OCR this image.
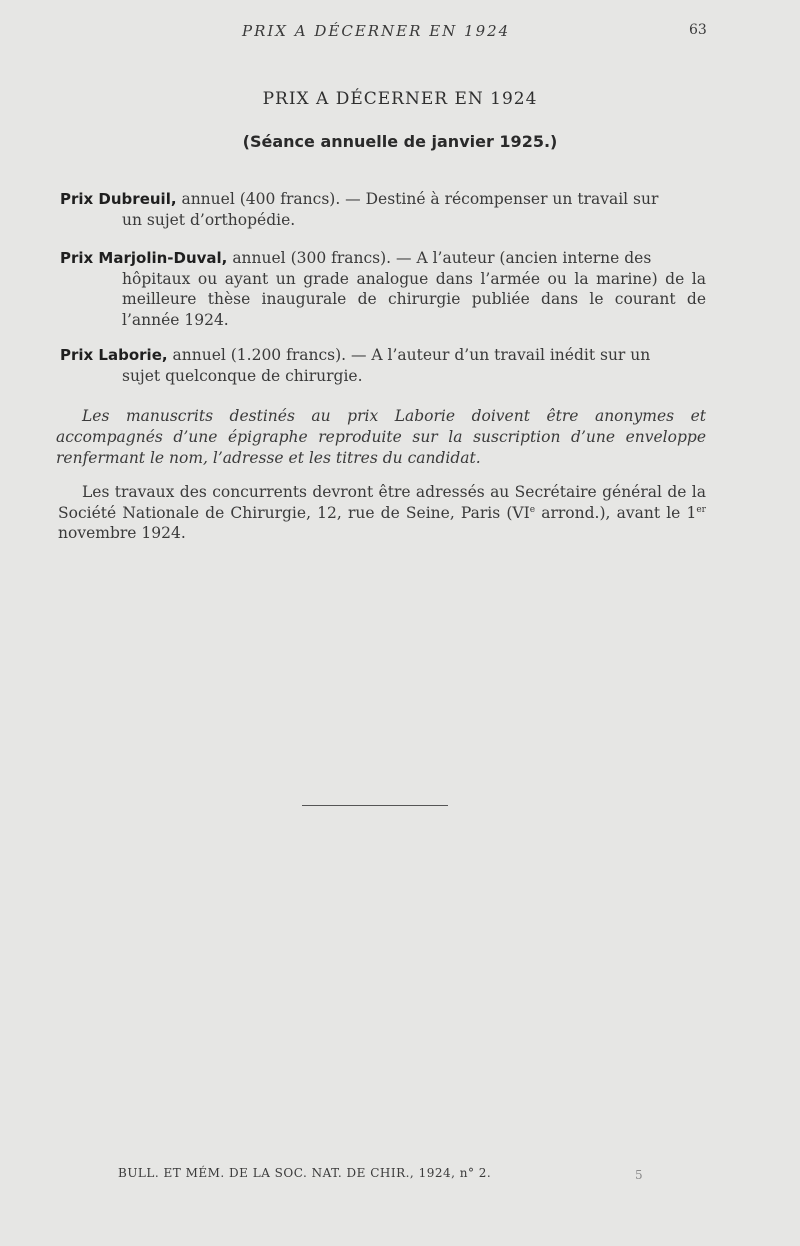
PRIX A DÉCERNER EN 1924	63
PRIX A DÉCERNER EN 1924
(Séance annuelle de janvier 1925.)
Prix Dubreuil, annuel (400 francs). — Destiné à récompenser un travail sur
un sujet d’orthopédie.
Prix Marjolin-Duval, annuel (300 francs). — A l’auteur (ancien interne des
hôpitaux ou ayant un grade analogue dans l’armée ou la marine) de la meilleure thèse inaugurale de chirurgie publiée dans le courant de l’année 1924.
Prix Laborie, annuel (1.200 francs). — A l’auteur d’un travail inédit sur un
sujet quelconque de chirurgie.
Les manuscrits destinés au prix Laborie doivent être anonymes et accompagnés d’une épigraphe reproduite sur la suscription d’une enveloppe renfermant le nom, l’adresse et les titres du candidat.
Les travaux des concurrents devront être adressés au Secrétaire général de la Société Nationale de Chirurgie, 12, rue de Seine, Paris (VIe arrond.), avant le 1er novembre 1924.
BULL. ET MÉM. DE LA SOC. NAT. DE CHIR., 1924, n° 2.	5
